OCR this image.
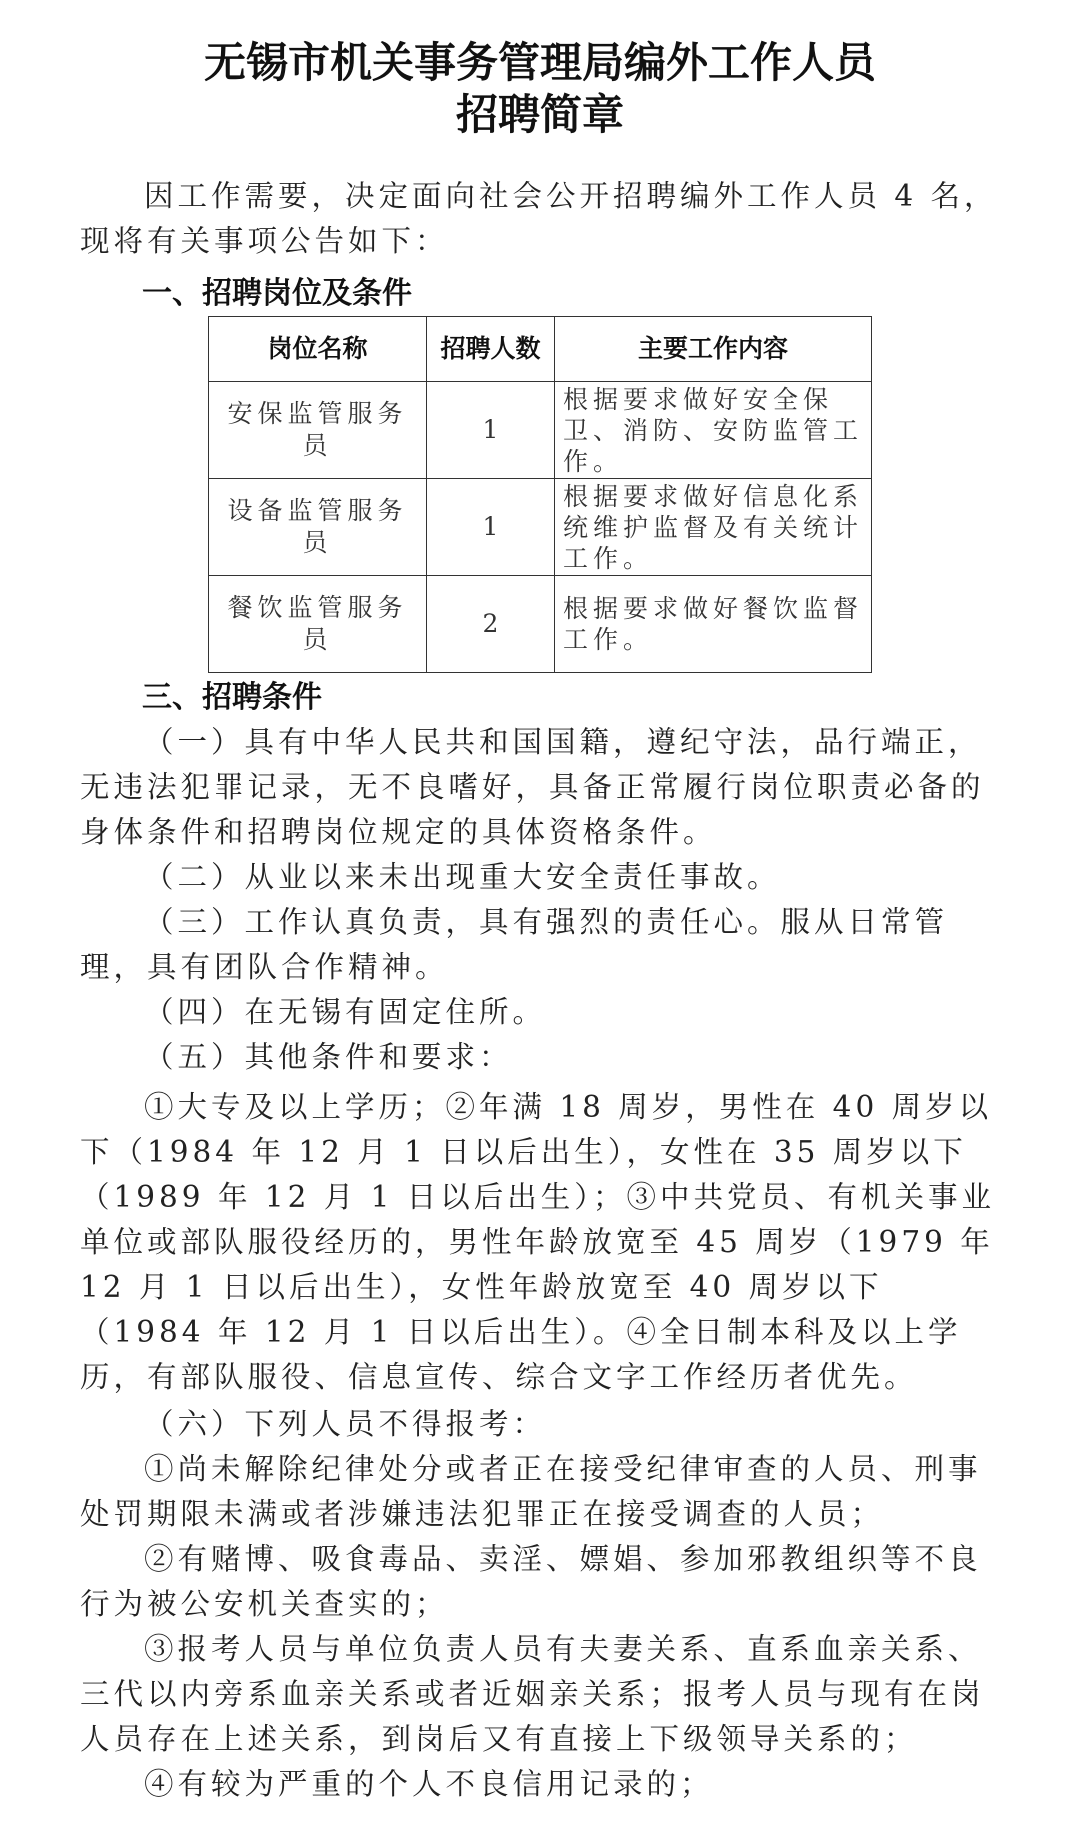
无锡市机关事务管理局编外工作人员
招聘简章
因工作需要，决定面向社会公开招聘编外工作人员 4 名，现将有关事项公告如下：
一、招聘岗位及条件
岗位名称	招聘人数	主要工作内容
安保监管服务员	1	根据要求做好安全保卫、消防、安防监管工作。
设备监管服务员	1	根据要求做好信息化系统维护监督及有关统计工作。
餐饮监管服务员	2	根据要求做好餐饮监督工作。
三、招聘条件
（一）具有中华人民共和国国籍，遵纪守法，品行端正，无违法犯罪记录，无不良嗜好，具备正常履行岗位职责必备的身体条件和招聘岗位规定的具体资格条件。
（二）从业以来未出现重大安全责任事故。
（三）工作认真负责，具有强烈的责任心。服从日常管理，具有团队合作精神。
（四）在无锡有固定住所。
（五）其他条件和要求：
①大专及以上学历；②年满 18 周岁，男性在 40 周岁以下（1984 年 12 月 1 日以后出生），女性在 35 周岁以下（1989 年 12 月 1 日以后出生）；③中共党员、有机关事业单位或部队服役经历的，男性年龄放宽至 45 周岁（1979 年 12 月 1 日以后出生），女性年龄放宽至 40 周岁以下（1984 年 12 月 1 日以后出生）。④全日制本科及以上学历，有部队服役、信息宣传、综合文字工作经历者优先。
（六）下列人员不得报考：
①尚未解除纪律处分或者正在接受纪律审查的人员、刑事处罚期限未满或者涉嫌违法犯罪正在接受调查的人员；
②有赌博、吸食毒品、卖淫、嫖娼、参加邪教组织等不良行为被公安机关查实的；
③报考人员与单位负责人员有夫妻关系、直系血亲关系、三代以内旁系血亲关系或者近姻亲关系；报考人员与现有在岗人员存在上述关系，到岗后又有直接上下级领导关系的；
④有较为严重的个人不良信用记录的；
